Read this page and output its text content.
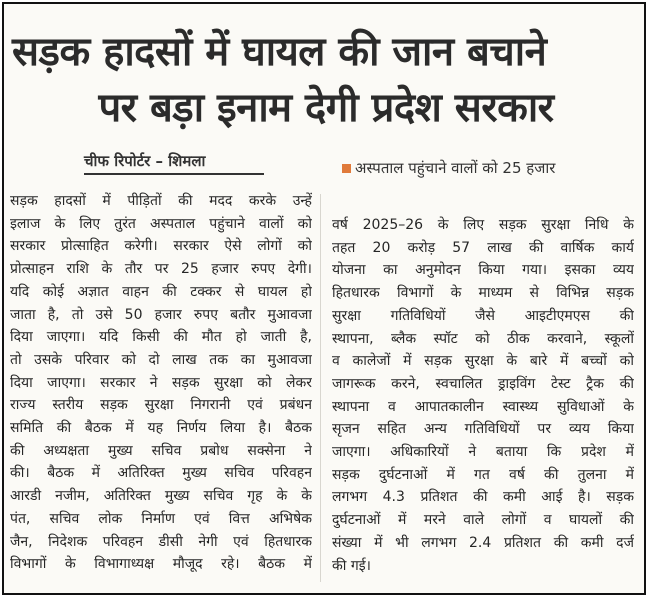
सड़क हादसों में घायल की जान बचाने
पर बड़ा इनाम देगी प्रदेश सरकार
चीफ रिपोर्टर – शिमला	अस्पताल पहुंचाने वालों को 25 हजार
सड़क हादसों में पीड़ितों की मदद करके उन्हें
इलाज के लिए तुरंत अस्पताल पहुंचाने वालों को
सरकार प्रोत्साहित करेगी। सरकार ऐसे लोगों को
प्रोत्साहन राशि के तौर पर 25 हजार रुपए देगी।
यदि कोई अज्ञात वाहन की टक्कर से घायल हो
जाता है, तो उसे 50 हजार रुपए बतौर मुआवजा
दिया जाएगा। यदि किसी की मौत हो जाती है,
तो उसके परिवार को दो लाख तक का मुआवजा
दिया जाएगा। सरकार ने सड़क सुरक्षा को लेकर
राज्य स्तरीय सड़क सुरक्षा निगरानी एवं प्रबंधन
समिति की बैठक में यह निर्णय लिया है। बैठक
की अध्यक्षता मुख्य सचिव प्रबोध सक्सेना ने
की। बैठक में अतिरिक्त मुख्य सचिव परिवहन
आरडी नजीम, अतिरिक्त मुख्य सचिव गृह के के
पंत, सचिव लोक निर्माण एवं वित्त अभिषेक
जैन, निदेशक परिवहन डीसी नेगी एवं हितधारक
विभागों के विभागाध्यक्ष मौजूद रहे। बैठक में
वर्ष 2025–26 के लिए सड़क सुरक्षा निधि के
तहत 20 करोड़ 57 लाख की वार्षिक कार्य
योजना का अनुमोदन किया गया। इसका व्यय
हितधारक विभागों के माध्यम से विभिन्न सड़क
सुरक्षा गतिविधियों जैसे आइटीएमएस की
स्थापना, ब्लैक स्पॉट को ठीक करवाने, स्कूलों
व कालेजों में सड़क सुरक्षा के बारे में बच्चों को
जागरूक करने, स्वचालित ड्राइविंग टेस्ट ट्रैक की
स्थापना व आपातकालीन स्वास्थ्य सुविधाओं के
सृजन सहित अन्य गतिविधियों पर व्यय किया
जाएगा। अधिकारियों ने बताया कि प्रदेश में
सड़क दुर्घटनाओं में गत वर्ष की तुलना में
लगभग 4.3 प्रतिशत की कमी आई है। सड़क
दुर्घटनाओं में मरने वाले लोगों व घायलों की
संख्या में भी लगभग 2.4 प्रतिशत की कमी दर्ज
की गई।
